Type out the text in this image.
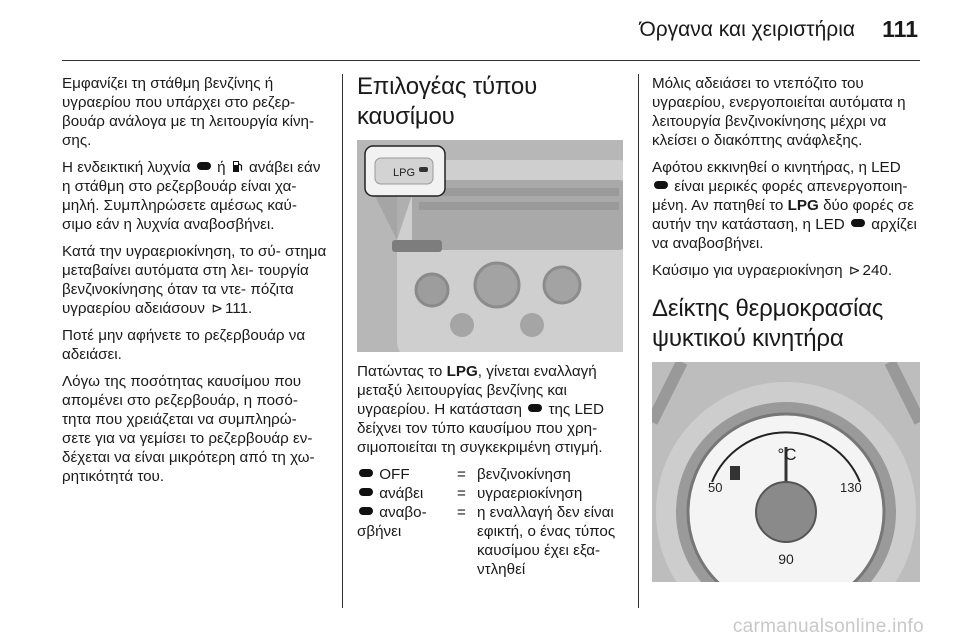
Όργανα και χειριστήρια 111

Εμφανίζει τη στάθμη βενζίνης ή υγραερίου που υπάρχει στο ρεζερ- βουάρ ανάλογα με τη λειτουργία κίνη- σης.

Η ενδεικτική λυχνία ή ανάβει εάν η στάθμη στο ρεζερβουάρ είναι χα- μηλή. Συμπληρώσετε αμέσως καύ- σιμο εάν η λυχνία αναβοσβήνει.

Κατά την υγραεριοκίνηση, το σύ- στημα μεταβαίνει αυτόματα στη λει- τουργία βενζινοκίνησης όταν τα ντε- πόζιτα υγραερίου αδειάσουν ⊳ 111.

Ποτέ μην αφήνετε το ρεζερβουάρ να αδειάσει.

Λόγω της ποσότητας καυσίμου που απομένει στο ρεζερβουάρ, η ποσό- τητα που χρειάζεται να συμπληρώ- σετε για να γεμίσει το ρεζερβουάρ εν- δέχεται να είναι μικρότερη από τη χω- ρητικότητά του.

Επιλογέας τύπου καυσίμου
LPG

Πατώντας το LPG, γίνεται εναλλαγή μεταξύ λειτουργίας βενζίνης και υγραερίου. Η κατάσταση της LED δείχνει τον τύπο καυσίμου που χρη- σιμοποιείται τη συγκεκριμένη στιγμή.

OFF	= βενζινοκίνηση
ανάβει	= υγραεριοκίνηση
αναβο- σβήνει
= η εναλλαγή δεν είναι εφικτή, ο ένας τύπος καυσίμου έχει εξα- ντληθεί

Μόλις αδειάσει το ντεπόζιτο του υγραερίου, ενεργοποιείται αυτόματα η λειτουργία βενζινοκίνησης μέχρι να κλείσει ο διακόπτης ανάφλεξης.

Αφότου εκκινηθεί ο κινητήρας, η LED  είναι μερικές φορές απενεργοποιη- μένη. Αν πατηθεί το LPG δύο φορές σε αυτήν την κατάσταση, η LED αρχίζει να αναβοσβήνει.

Καύσιμο για υγραεριοκίνηση ⊳ 240.

Δείκτης θερμοκρασίας ψυκτικού κινητήρα
°C
50
90
130
carmanualsonline.info
